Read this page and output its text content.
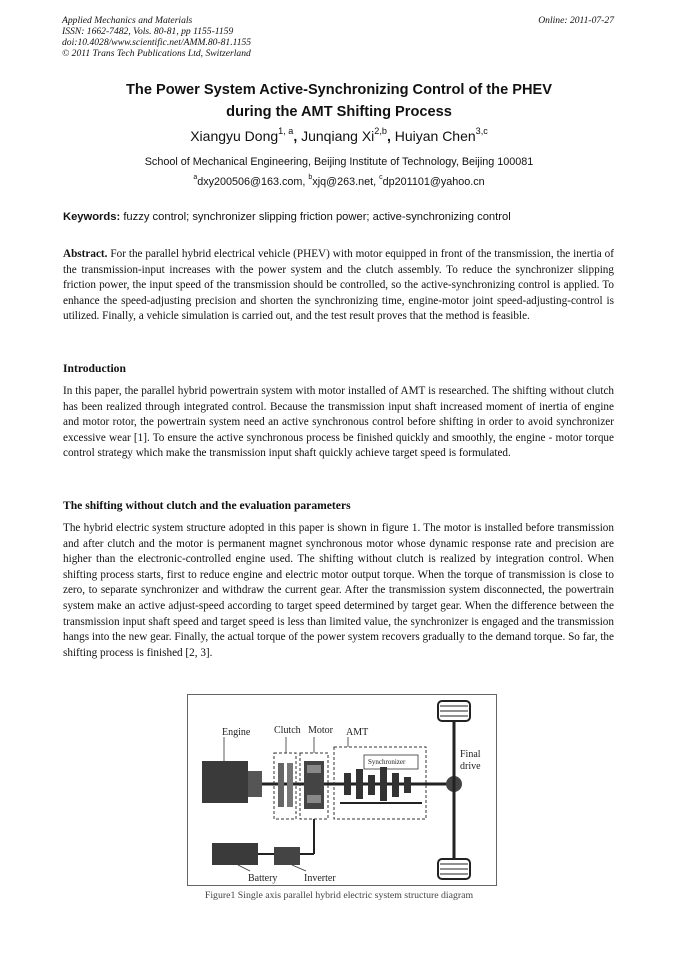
Applied Mechanics and Materials
ISSN: 1662-7482, Vols. 80-81, pp 1155-1159
doi:10.4028/www.scientific.net/AMM.80-81.1155
© 2011 Trans Tech Publications Ltd, Switzerland
Online: 2011-07-27
The Power System Active-Synchronizing Control of the PHEV
during the AMT Shifting Process
Xiangyu Dong$^{1, a}$, Junqiang Xi$^{2,b}$, Huiyan Chen$^{3,c}$
School of Mechanical Engineering, Beijing Institute of Technology, Beijing 100081
$^a$dxy200506@163.com, $^b$xjq@263.net, $^c$dp201101@yahoo.cn
Keywords: fuzzy control; synchronizer slipping friction power; active-synchronizing control
Abstract. For the parallel hybrid electrical vehicle (PHEV) with motor equipped in front of the transmission, the inertia of the transmission-input increases with the power system and the clutch assembly. To reduce the synchronizer slipping friction power, the input speed of the transmission should be controlled, so the active-synchronizing control is applied. To enhance the speed-adjusting precision and shorten the synchronizing time, engine-motor joint speed-adjusting-control is utilized. Finally, a vehicle simulation is carried out, and the test result proves that the method is feasible.
Introduction
In this paper, the parallel hybrid powertrain system with motor installed of AMT is researched. The shifting without clutch has been realized through integrated control. Because the transmission input shaft increased moment of inertia of engine and motor rotor, the powertrain system need an active synchronous control before shifting in order to avoid synchronizer excessive wear [1]. To ensure the active synchronous process be finished quickly and smoothly, the engine - motor torque control strategy which make the transmission input shaft quickly achieve target speed is formulated.
The shifting without clutch and the evaluation parameters
The hybrid electric system structure adopted in this paper is shown in figure 1. The motor is installed before transmission and after clutch and the motor is permanent magnet synchronous motor whose dynamic response rate and precision are higher than the electronic-controlled engine used. The shifting without clutch is realized by integration control. When shifting process starts, first to reduce engine and electric motor output torque. When the torque of transmission is close to zero, to separate synchronizer and withdraw the current gear. After the transmission system disconnected, the powertrain system make an active adjust-speed according to target speed determined by target gear. When the difference between the transmission input shaft speed and target speed is less than limited value, the synchronizer is engaged and the transmission hangs into the new gear. Finally, the actual torque of the power system recovers gradually to the demand torque. So far, the shifting process is finished [2, 3].
Engine Clutch Motor AMT
Synchronizer
Final
drive
Battery	Inverter
Figure1 Single axis parallel hybrid electric system structure diagram
